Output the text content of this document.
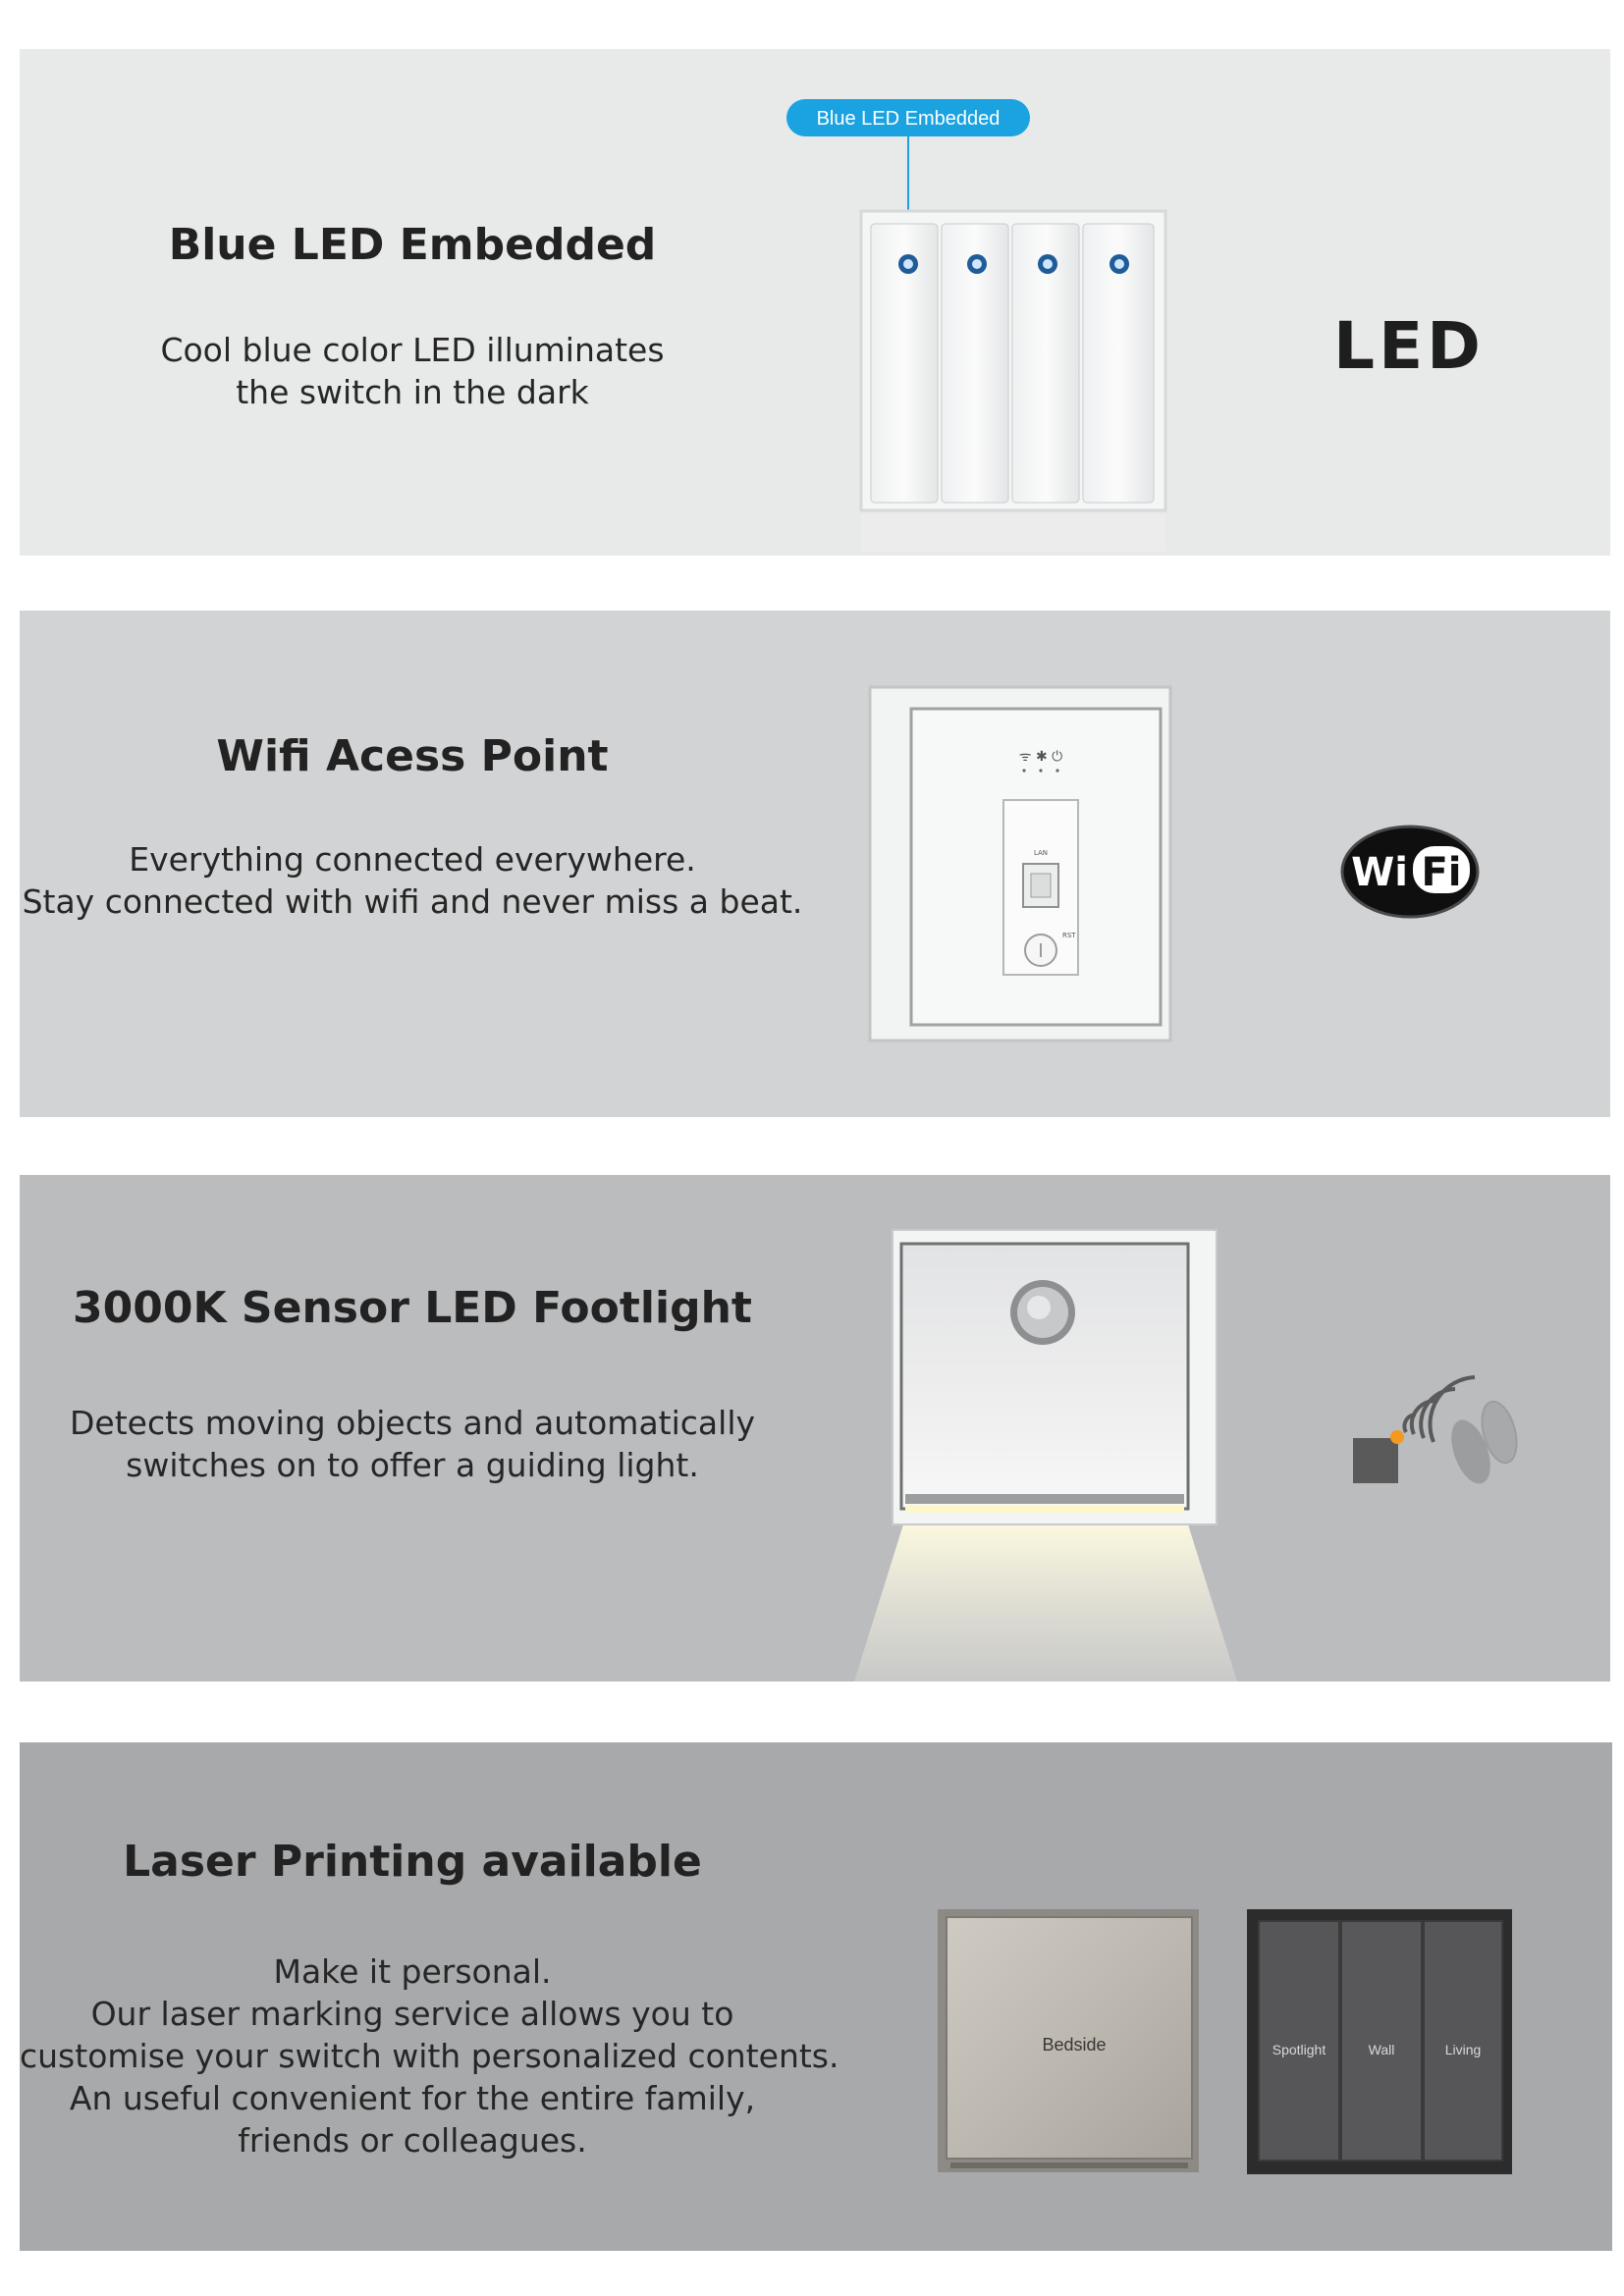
Blue LED Embedded
Cool blue color LED illuminates
the switch in the dark
Blue LED Embedded
LED
Wifi Acess Point
Everything connected everywhere.
Stay connected with wifi and never miss a beat.
ᯤ ✱ ⏻
LAN
RST
Wi Fi
3000K Sensor LED Footlight
Detects moving objects and automatically
switches on to offer a guiding light.
Laser Printing available
Make it personal.
Our laser marking service allows you to
customise your switch with personalized contents.
An useful convenient for the entire family,
friends or colleagues.
Bedside	Spotlight	Wall	Living
